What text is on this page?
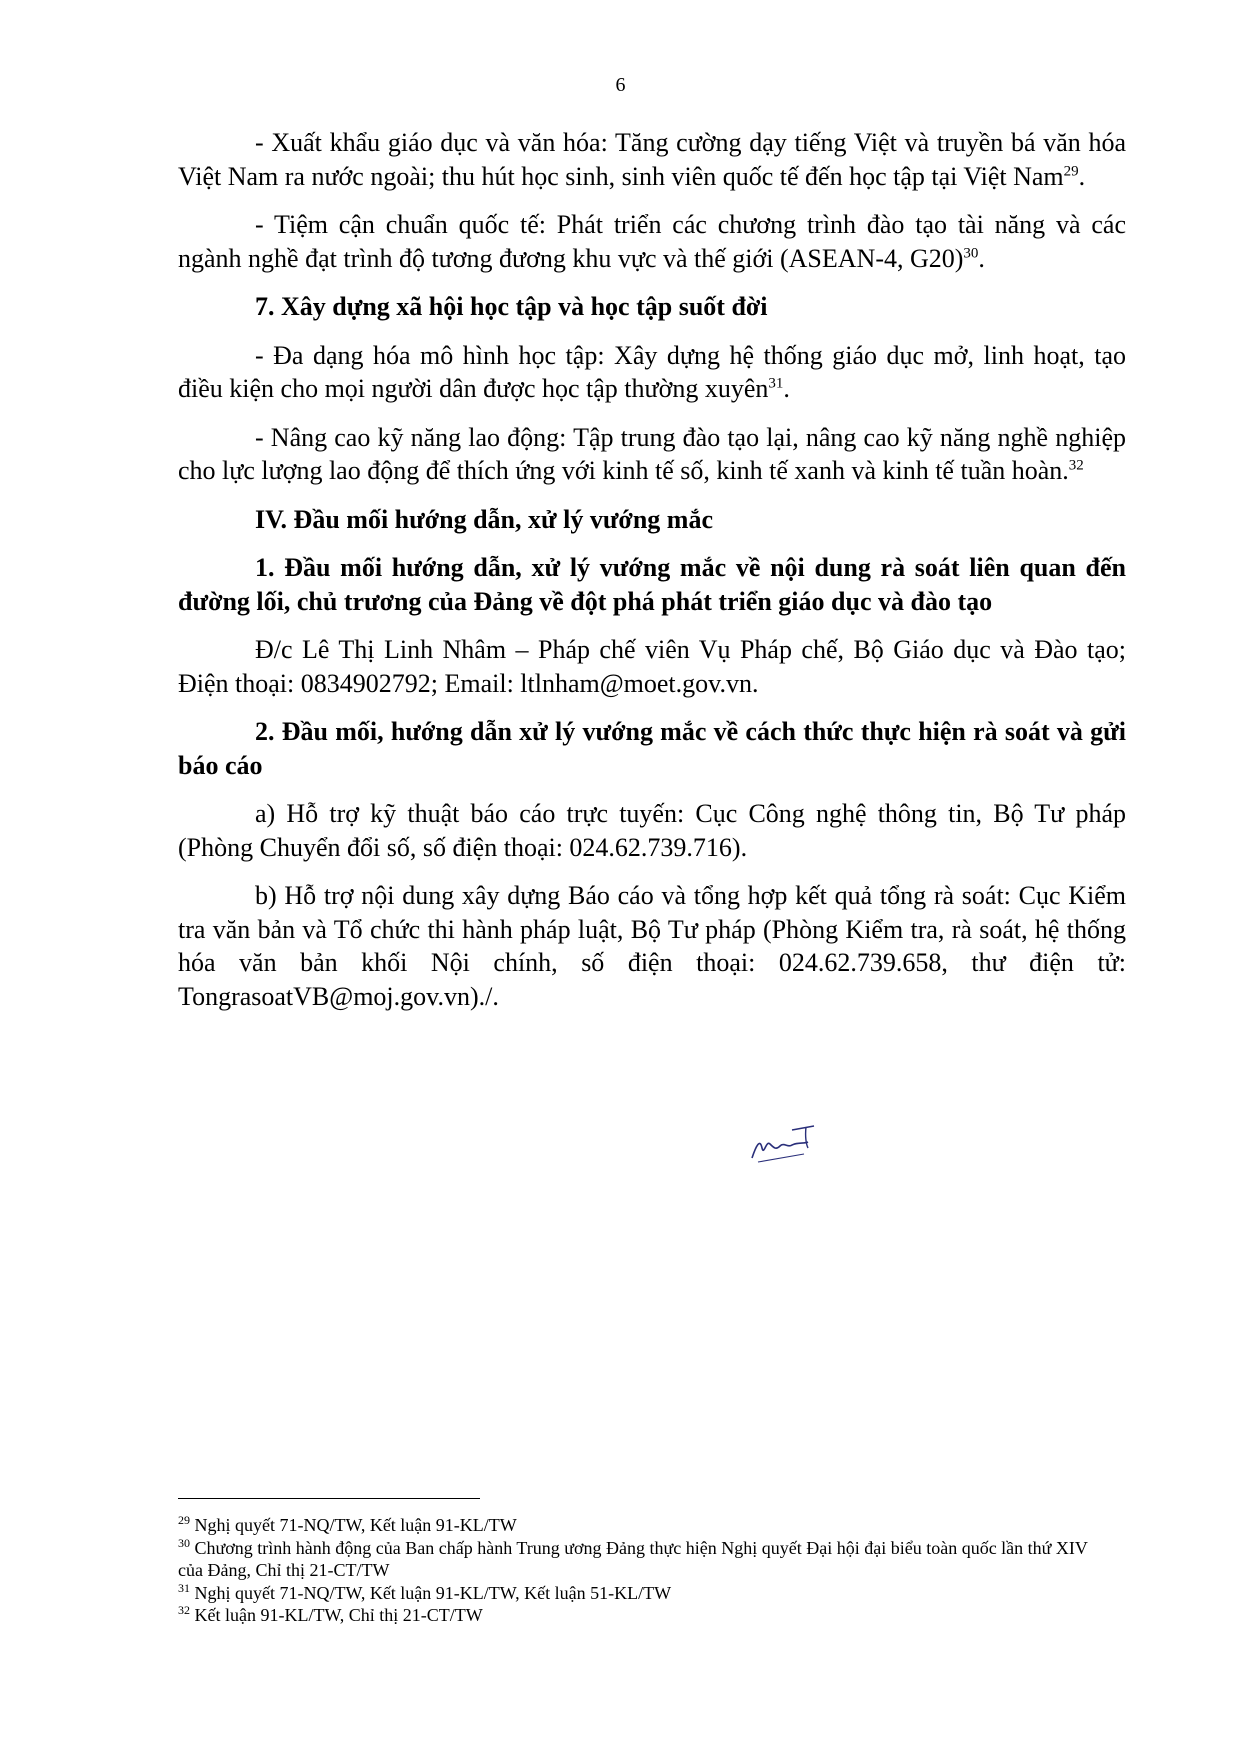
6

- Xuất khẩu giáo dục và văn hóa: Tăng cường dạy tiếng Việt và truyền bá văn hóa Việt Nam ra nước ngoài; thu hút học sinh, sinh viên quốc tế đến học tập tại Việt Nam$^{29}$.

- Tiệm cận chuẩn quốc tế: Phát triển các chương trình đào tạo tài năng và các ngành nghề đạt trình độ tương đương khu vực và thế giới (ASEAN-4, G20)$^{30}$.

7. Xây dựng xã hội học tập và học tập suốt đời

- Đa dạng hóa mô hình học tập: Xây dựng hệ thống giáo dục mở, linh hoạt, tạo điều kiện cho mọi người dân được học tập thường xuyên$^{31}$.

- Nâng cao kỹ năng lao động: Tập trung đào tạo lại, nâng cao kỹ năng nghề nghiệp cho lực lượng lao động để thích ứng với kinh tế số, kinh tế xanh và kinh tế tuần hoàn.$^{32}$

IV. Đầu mối hướng dẫn, xử lý vướng mắc

1. Đầu mối hướng dẫn, xử lý vướng mắc về nội dung rà soát liên quan đến đường lối, chủ trương của Đảng về đột phá phát triển giáo dục và đào tạo

Đ/c Lê Thị Linh Nhâm – Pháp chế viên Vụ Pháp chế, Bộ Giáo dục và Đào tạo; Điện thoại: 0834902792; Email: ltlnham@moet.gov.vn.

2. Đầu mối, hướng dẫn xử lý vướng mắc về cách thức thực hiện rà soát và gửi báo cáo

a) Hỗ trợ kỹ thuật báo cáo trực tuyến: Cục Công nghệ thông tin, Bộ Tư pháp (Phòng Chuyển đổi số, số điện thoại: 024.62.739.716).

b) Hỗ trợ nội dung xây dựng Báo cáo và tổng hợp kết quả tổng rà soát: Cục Kiểm tra văn bản và Tổ chức thi hành pháp luật, Bộ Tư pháp (Phòng Kiểm tra, rà soát, hệ thống hóa văn bản khối Nội chính, số điện thoại: 024.62.739.658, thư điện tử: TongrasoatVB@moj.gov.vn)./.

$^{29}$ Nghị quyết 71-NQ/TW, Kết luận 91-KL/TW

$^{30}$ Chương trình hành động của Ban chấp hành Trung ương Đảng thực hiện Nghị quyết Đại hội đại biểu toàn quốc lần thứ XIV của Đảng, Chỉ thị 21-CT/TW

$^{31}$ Nghị quyết 71-NQ/TW, Kết luận 91-KL/TW, Kết luận 51-KL/TW

$^{32}$ Kết luận 91-KL/TW, Chỉ thị 21-CT/TW
